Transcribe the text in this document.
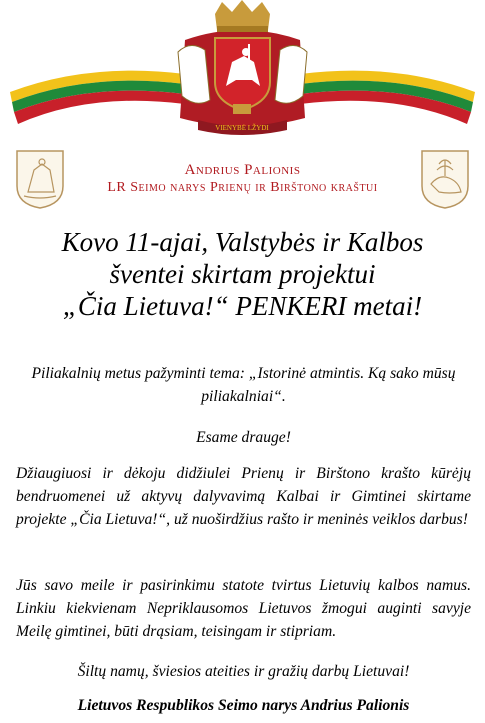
VIENYBĖ LŽYDI
Andrius Palionis
LR Seimo narys Prienų ir Birštono kraštui
Kovo 11-ajai, Valstybės ir Kalbos
šventei skirtam projektui
„Čia Lietuva!“ PENKERI metai!
Piliakalnių metus pažyminti tema: „Istorinė atmintis. Ką sako mūsų piliakalniai“.
Esame drauge!
Džiaugiuosi ir dėkoju didžiulei Prienų ir Birštono krašto kūrėjų bendruomenei už aktyvų dalyvavimą Kalbai ir Gimtinei skirtame projekte „Čia Lietuva!“, už nuoširdžius rašto ir meninės veiklos darbus!
Jūs savo meile ir pasirinkimu statote tvirtus Lietuvių kalbos namus. Linkiu kiekvienam Nepriklausomos Lietuvos žmogui auginti savyje Meilę gimtinei, būti drąsiam, teisingam ir stipriam.
Šiltų namų, šviesios ateities ir gražių darbų Lietuvai!
Lietuvos Respublikos Seimo narys Andrius Palionis
